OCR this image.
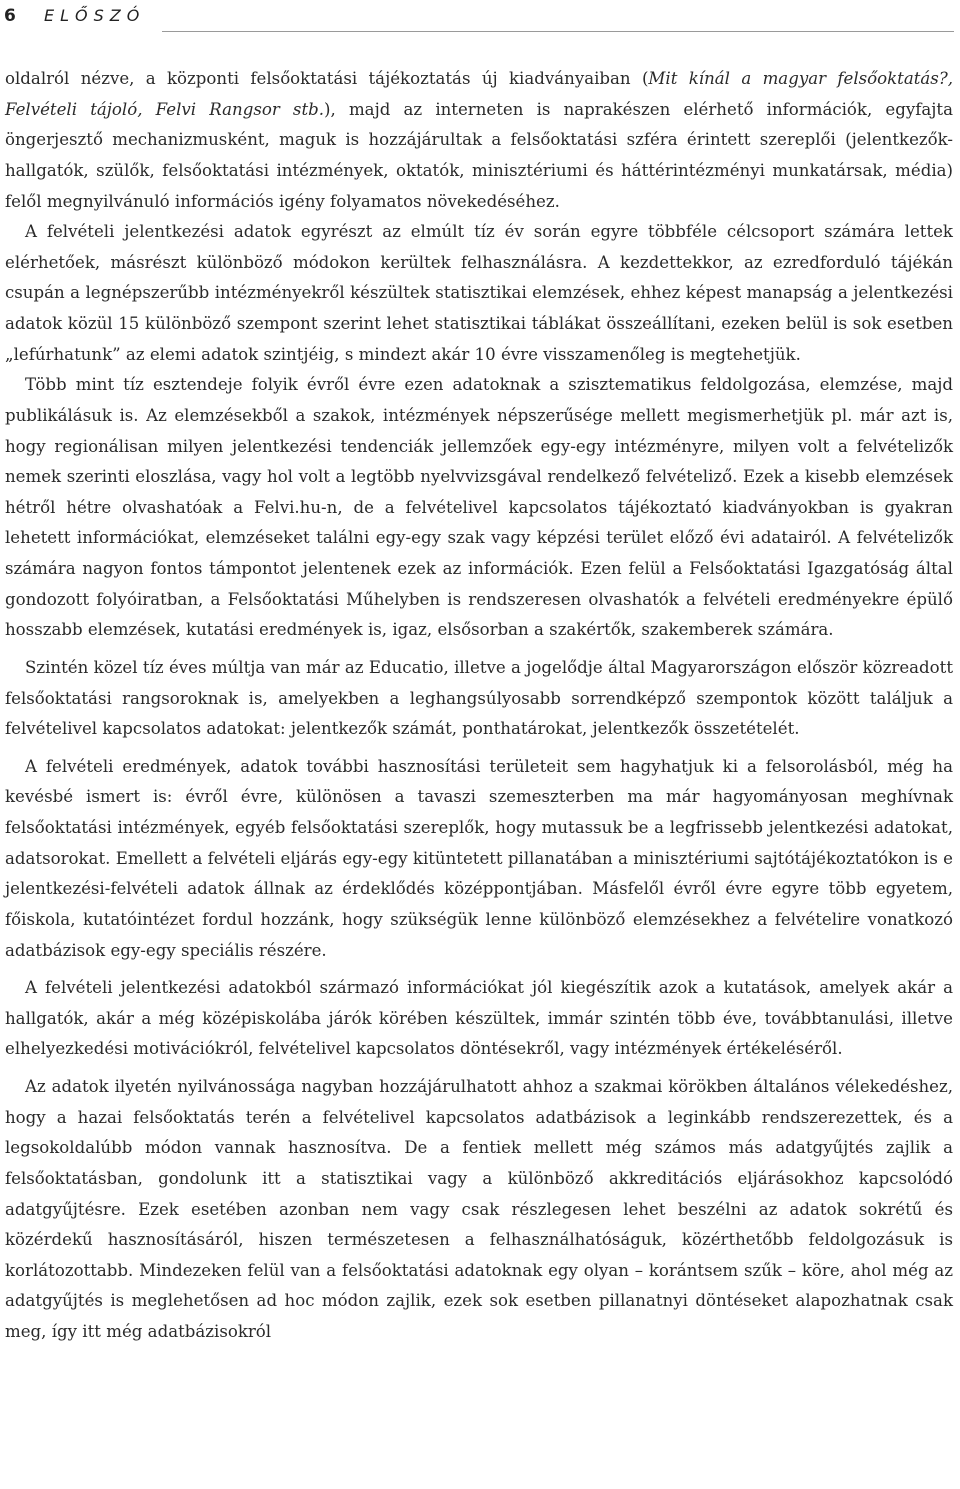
6 ELŐSZÓ

oldalról nézve, a központi felsőoktatási tájékoztatás új kiadványaiban (Mit kínál a magyar felsőoktatás?, Felvételi tájoló, Felvi Rangsor stb.), majd az interneten is naprakészen elérhető információk, egyfajta öngerjesztő mechanizmusként, maguk is hozzájárultak a felsőoktatási szféra érintett szereplői (jelentkezők-hallgatók, szülők, felsőoktatási intézmények, oktatók, minisztériumi és háttérintézményi munkatársak, média) felől megnyilvánuló információs igény folyamatos növekedéséhez.

A felvételi jelentkezési adatok egyrészt az elmúlt tíz év során egyre többféle célcsoport számára lettek elérhetőek, másrészt különböző módokon kerültek felhasználásra. A kezdettekkor, az ezredforduló tájékán csupán a legnépszerűbb intézményekről készültek statisztikai elemzések, ehhez képest manapság a jelentkezési adatok közül 15 különböző szempont szerint lehet statisztikai táblákat összeállítani, ezeken belül is sok esetben „lefúrhatunk” az elemi adatok szintjéig, s mindezt akár 10 évre visszamenőleg is megtehetjük.

Több mint tíz esztendeje folyik évről évre ezen adatoknak a szisztematikus feldolgozása, elemzése, majd publikálásuk is. Az elemzésekből a szakok, intézmények népszerűsége mellett megismerhetjük pl. már azt is, hogy regionálisan milyen jelentkezési tendenciák jellemzőek egy-egy intézményre, milyen volt a felvételizők nemek szerinti eloszlása, vagy hol volt a legtöbb nyelvvizsgával rendelkező felvételiző. Ezek a kisebb elemzések hétről hétre olvashatóak a Felvi.hu-n, de a felvételivel kapcsolatos tájékoztató kiadványokban is gyakran lehetett információkat, elemzéseket találni egy-egy szak vagy képzési terület előző évi adatairól. A felvételizők számára nagyon fontos támpontot jelentenek ezek az információk. Ezen felül a Felsőoktatási Igazgatóság által gondozott folyóiratban, a Felsőoktatási Műhelyben is rendszeresen olvashatók a felvételi eredményekre épülő hosszabb elemzések, kutatási eredmények is, igaz, elsősorban a szakértők, szakemberek számára.

Szintén közel tíz éves múltja van már az Educatio, illetve a jogelődje által Magyarországon először közreadott felsőoktatási rangsoroknak is, amelyekben a leghangsúlyosabb sorrendképző szempontok között találjuk a felvételivel kapcsolatos adatokat: jelentkezők számát, ponthatárokat, jelentkezők összetételét.

A felvételi eredmények, adatok további hasznosítási területeit sem hagyhatjuk ki a felsorolásból, még ha kevésbé ismert is: évről évre, különösen a tavaszi szemeszterben ma már hagyományosan meghívnak felsőoktatási intézmények, egyéb felsőoktatási szereplők, hogy mutassuk be a legfrissebb jelentkezési adatokat, adatsorokat. Emellett a felvételi eljárás egy-egy kitüntetett pillanatában a minisztériumi sajtótájékoztatókon is e jelentkezési-felvételi adatok állnak az érdeklődés középpontjában. Másfelől évről évre egyre több egyetem, főiskola, kutatóintézet fordul hozzánk, hogy szükségük lenne különböző elemzésekhez a felvételire vonatkozó adatbázisok egy-egy speciális részére.

A felvételi jelentkezési adatokból származó információkat jól kiegészítik azok a kutatások, amelyek akár a hallgatók, akár a még középiskolába járók körében készültek, immár szintén több éve, továbbtanulási, illetve elhelyezkedési motivációkról, felvételivel kapcsolatos döntésekről, vagy intézmények értékeléséről.

Az adatok ilyetén nyilvánossága nagyban hozzájárulhatott ahhoz a szakmai körökben általános vélekedéshez, hogy a hazai felsőoktatás terén a felvételivel kapcsolatos adatbázisok a leginkább rendszerezettek, és a legsokoldalúbb módon vannak hasznosítva. De a fentiek mellett még számos más adatgyűjtés zajlik a felsőoktatásban, gondolunk itt a statisztikai vagy a különböző akkreditációs eljárásokhoz kapcsolódó adatgyűjtésre. Ezek esetében azonban nem vagy csak részlegesen lehet beszélni az adatok sokrétű és közérdekű hasznosításáról, hiszen természetesen a felhasználhatóságuk, közérthetőbb feldolgozásuk is korlátozottabb. Mindezeken felül van a felsőoktatási adatoknak egy olyan – korántsem szűk – köre, ahol még az adatgyűjtés is meglehetősen ad hoc módon zajlik, ezek sok esetben pillanatnyi döntéseket alapozhatnak csak meg, így itt még adatbázisokról
